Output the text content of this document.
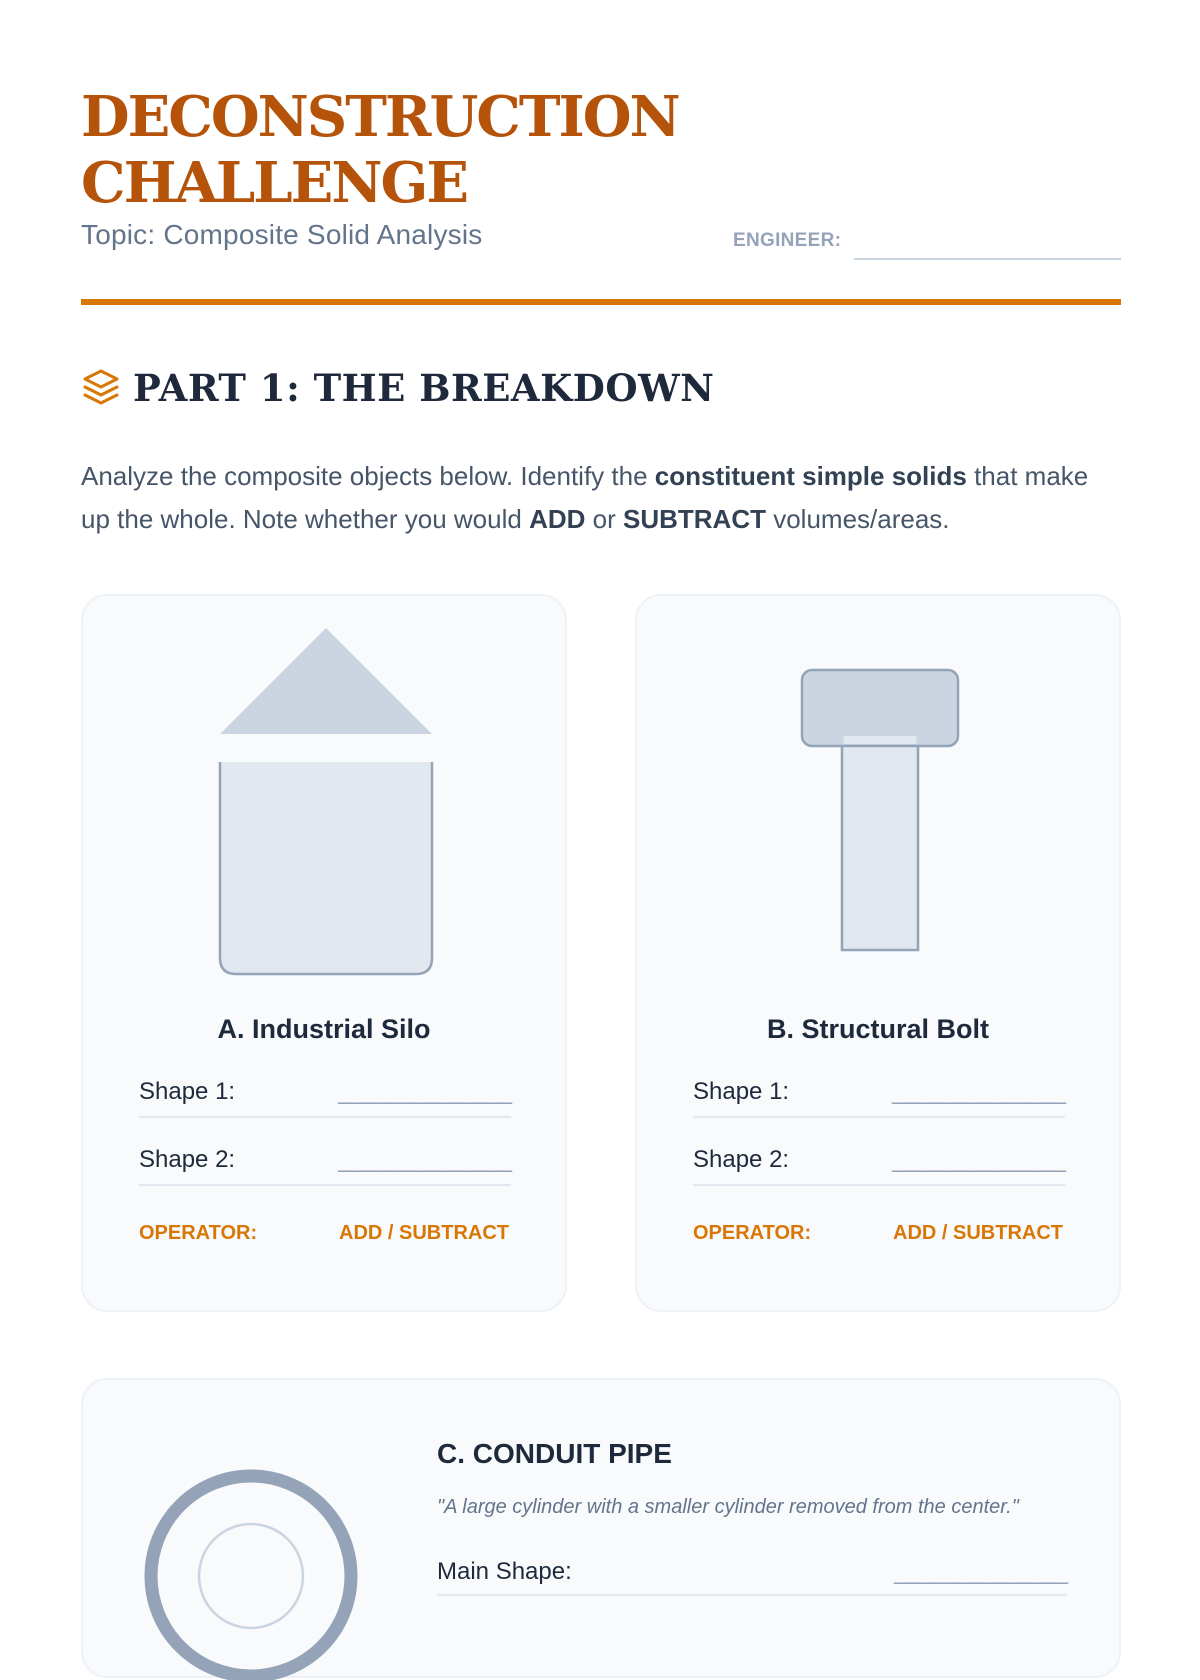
DECONSTRUCTION
CHALLENGE
Topic: Composite Solid Analysis	ENGINEER:
PART 1: THE BREAKDOWN

Analyze the composite objects below. Identify the constituent simple solids that make up the whole. Note whether you would ADD or SUBTRACT volumes/areas.

A. Industrial Silo
Shape 1:	______________
Shape 2:	______________
OPERATOR:	ADD / SUBTRACT
B. Structural Bolt
Shape 1:	______________
Shape 2:	______________
OPERATOR:	ADD / SUBTRACT
C. CONDUIT PIPE
"A large cylinder with a smaller cylinder removed from the center."
Main Shape:	______________
